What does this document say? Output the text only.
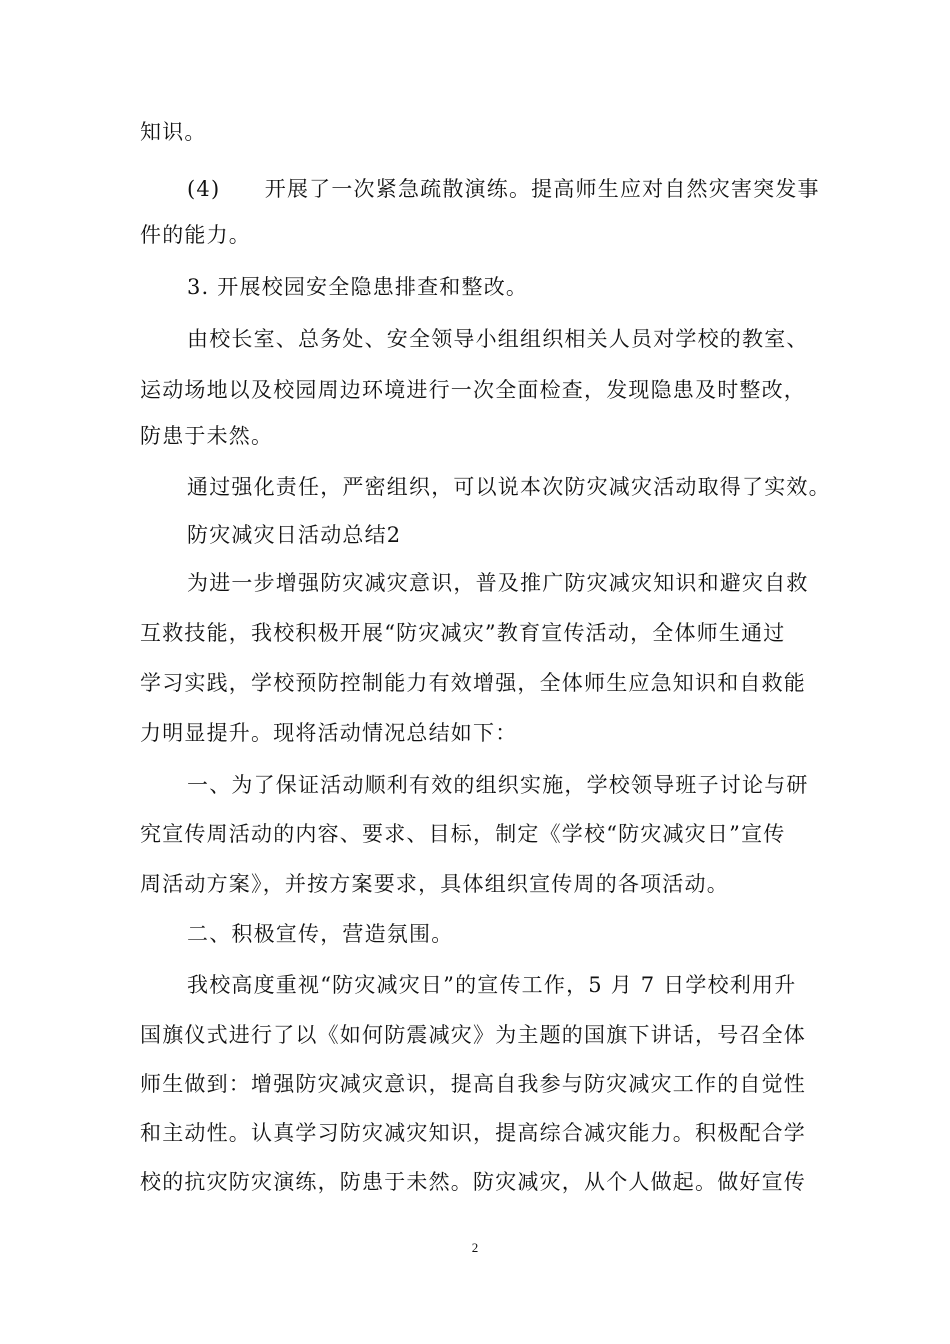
知识。
(4)　　开展了一次紧急疏散演练。提高师生应对自然灾害突发事
件的能力。
3. 开展校园安全隐患排查和整改。
由校长室、总务处、安全领导小组组织相关人员对学校的教室、
运动场地以及校园周边环境进行一次全面检查，发现隐患及时整改，
防患于未然。
通过强化责任，严密组织，可以说本次防灾减灾活动取得了实效。
防灾减灾日活动总结2
为进一步增强防灾减灾意识，普及推广防灾减灾知识和避灾自救
互救技能，我校积极开展“防灾减灾”教育宣传活动，全体师生通过
学习实践，学校预防控制能力有效增强，全体师生应急知识和自救能
力明显提升。现将活动情况总结如下：
一、为了保证活动顺利有效的组织实施，学校领导班子讨论与研
究宣传周活动的内容、要求、目标，制定《学校“防灾减灾日”宣传
周活动方案》，并按方案要求，具体组织宣传周的各项活动。
二、积极宣传，营造氛围。
我校高度重视“防灾减灾日”的宣传工作，5 月 7 日学校利用升
国旗仪式进行了以《如何防震减灾》为主题的国旗下讲话，号召全体
师生做到：增强防灾减灾意识，提高自我参与防灾减灾工作的自觉性
和主动性。认真学习防灾减灾知识，提高综合减灾能力。积极配合学
校的抗灾防灾演练，防患于未然。防灾减灾，从个人做起。做好宣传
2
